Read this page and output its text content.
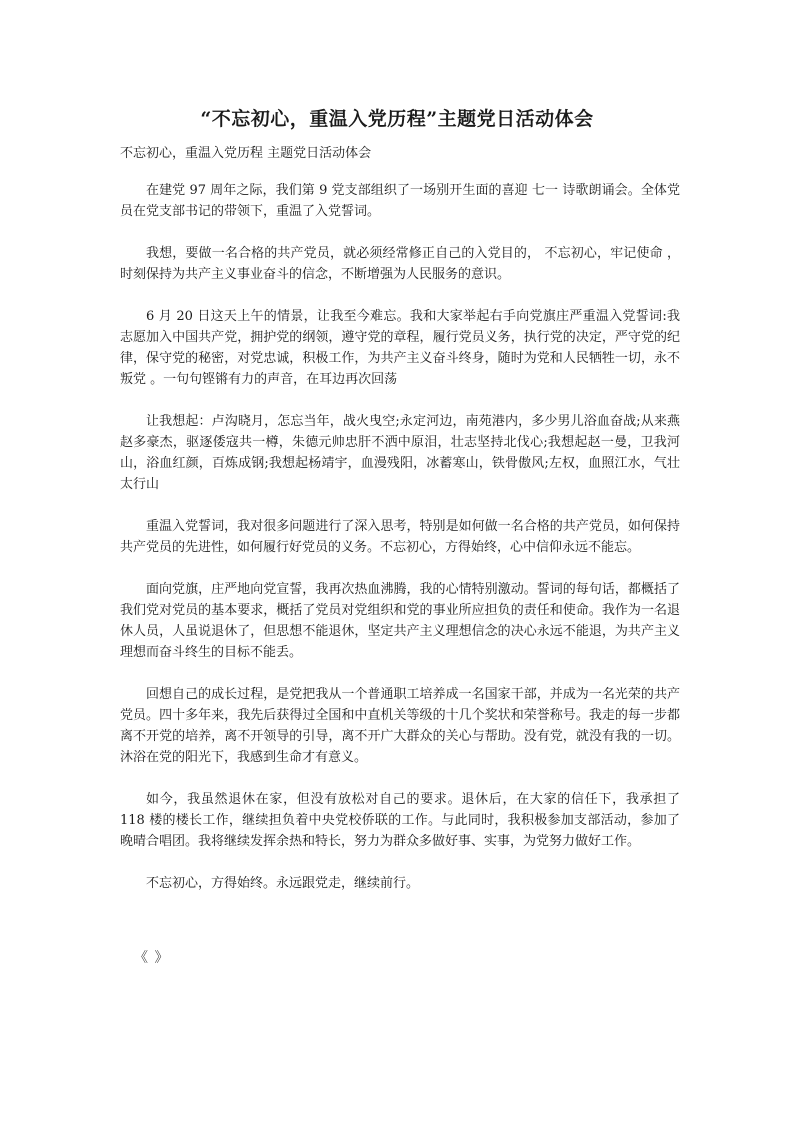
“不忘初心，重温入党历程”主题党日活动体会
不忘初心，重温入党历程 主题党日活动体会

在建党 97 周年之际，我们第 9 党支部组织了一场别开生面的喜迎 七一 诗歌朗诵会。全体党员在党支部书记的带领下，重温了入党誓词。

我想，要做一名合格的共产党员，就必须经常修正自己的入党目的， 不忘初心，牢记使命 ，时刻保持为共产主义事业奋斗的信念，不断增强为人民服务的意识。

6 月 20 日这天上午的情景，让我至今难忘。我和大家举起右手向党旗庄严重温入党誓词:我志愿加入中国共产党，拥护党的纲领，遵守党的章程，履行党员义务，执行党的决定，严守党的纪律，保守党的秘密，对党忠诚，积极工作，为共产主义奋斗终身，随时为党和人民牺牲一切，永不叛党 。一句句铿锵有力的声音，在耳边再次回荡

让我想起：卢沟晓月，怎忘当年，战火曳空;永定河边，南苑港内，多少男儿浴血奋战;从来燕赵多豪杰，驱逐倭寇共一樽，朱德元帅忠肝不洒中原泪，壮志坚持北伐心;我想起赵一曼，卫我河山，浴血红颜，百炼成钢;我想起杨靖宇，血漫残阳，冰蓄寒山，铁骨傲风;左权，血照江水，气壮太行山

重温入党誓词，我对很多问题进行了深入思考，特别是如何做一名合格的共产党员，如何保持共产党员的先进性，如何履行好党员的义务。不忘初心，方得始终，心中信仰永远不能忘。

面向党旗，庄严地向党宣誓，我再次热血沸腾，我的心情特别激动。誓词的每句话，都概括了我们党对党员的基本要求，概括了党员对党组织和党的事业所应担负的责任和使命。我作为一名退休人员，人虽说退休了，但思想不能退休，坚定共产主义理想信念的决心永远不能退，为共产主义理想而奋斗终生的目标不能丢。

回想自己的成长过程，是党把我从一个普通职工培养成一名国家干部，并成为一名光荣的共产党员。四十多年来，我先后获得过全国和中直机关等级的十几个奖状和荣誉称号。我走的每一步都离不开党的培养，离不开领导的引导，离不开广大群众的关心与帮助。没有党，就没有我的一切。沐浴在党的阳光下，我感到生命才有意义。

如今，我虽然退休在家，但没有放松对自己的要求。退休后，在大家的信任下，我承担了 118 楼的楼长工作，继续担负着中央党校侨联的工作。与此同时，我积极参加支部活动，参加了晚晴合唱团。我将继续发挥余热和特长，努力为群众多做好事、实事，为党努力做好工作。

不忘初心，方得始终。永远跟党走，继续前行。

《 》
